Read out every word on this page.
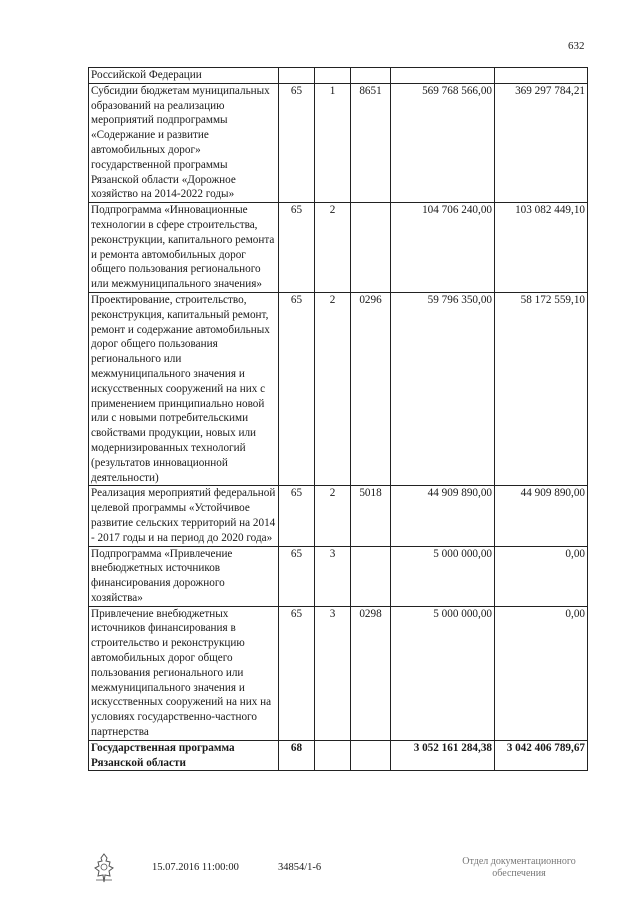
632
Российской Федерации					
Субсидии бюджетам муниципальных образований на реализацию мероприятий подпрограммы «Содержание и развитие автомобильных дорог» государственной программы Рязанской области «Дорожное хозяйство на 2014-2022 годы»	65	1	8651	569 768 566,00	369 297 784,21
Подпрограмма «Инновационные технологии в сфере строительства, реконструкции, капитального ремонта и ремонта автомобильных дорог общего пользования регионального или межмуниципального значения»	65	2		104 706 240,00	103 082 449,10
Проектирование, строительство, реконструкция, капитальный ремонт, ремонт и содержание автомобильных дорог общего пользования регионального или межмуниципального значения и искусственных сооружений на них с применением принципиально новой или с новыми потребительскими свойствами продукции, новых или модернизированных технологий (результатов инновационной деятельности)	65	2	0296	59 796 350,00	58 172 559,10
Реализация мероприятий федеральной целевой программы «Устойчивое развитие сельских территорий на 2014 - 2017 годы и на период до 2020 года»	65	2	5018	44 909 890,00	44 909 890,00
Подпрограмма «Привлечение внебюджетных источников финансирования дорожного хозяйства»	65	3		5 000 000,00	0,00
Привлечение внебюджетных источников финансирования в строительство и реконструкцию автомобильных дорог общего пользования регионального или межмуниципального значения и искусственных сооружений на них на условиях государственно-частного партнерства	65	3	0298	5 000 000,00	0,00
Государственная программа Рязанской области	68			3 052 161 284,38	3 042 406 789,67
15.07.2016 11:00:00	34854/1-6
Отдел документационного обеспечения
